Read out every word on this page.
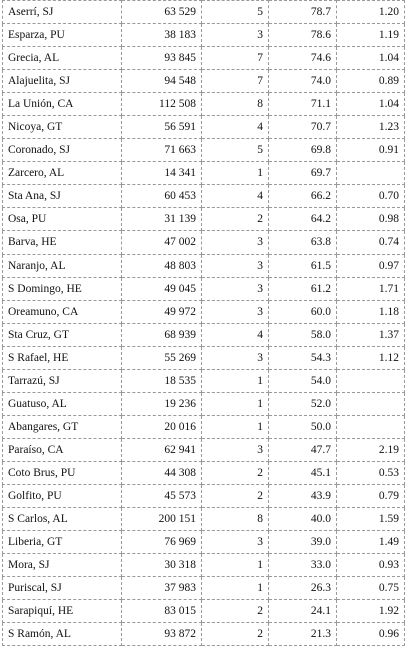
Aserrí, SJ	63 529	5	78.7	1.20
Esparza, PU	38 183	3	78.6	1.19
Grecia, AL	93 845	7	74.6	1.04
Alajuelita, SJ	94 548	7	74.0	0.89
La Unión, CA	112 508	8	71.1	1.04
Nicoya, GT	56 591	4	70.7	1.23
Coronado, SJ	71 663	5	69.8	0.91
Zarcero, AL	14 341	1	69.7	
Sta Ana, SJ	60 453	4	66.2	0.70
Osa, PU	31 139	2	64.2	0.98
Barva, HE	47 002	3	63.8	0.74
Naranjo, AL	48 803	3	61.5	0.97
S Domingo, HE	49 045	3	61.2	1.71
Oreamuno, CA	49 972	3	60.0	1.18
Sta Cruz, GT	68 939	4	58.0	1.37
S Rafael, HE	55 269	3	54.3	1.12
Tarrazú, SJ	18 535	1	54.0	
Guatuso, AL	19 236	1	52.0	
Abangares, GT	20 016	1	50.0	
Paraíso, CA	62 941	3	47.7	2.19
Coto Brus, PU	44 308	2	45.1	0.53
Golfito, PU	45 573	2	43.9	0.79
S Carlos, AL	200 151	8	40.0	1.59
Liberia, GT	76 969	3	39.0	1.49
Mora, SJ	30 318	1	33.0	0.93
Puriscal, SJ	37 983	1	26.3	0.75
Sarapiquí, HE	83 015	2	24.1	1.92
S Ramón, AL	93 872	2	21.3	0.96
